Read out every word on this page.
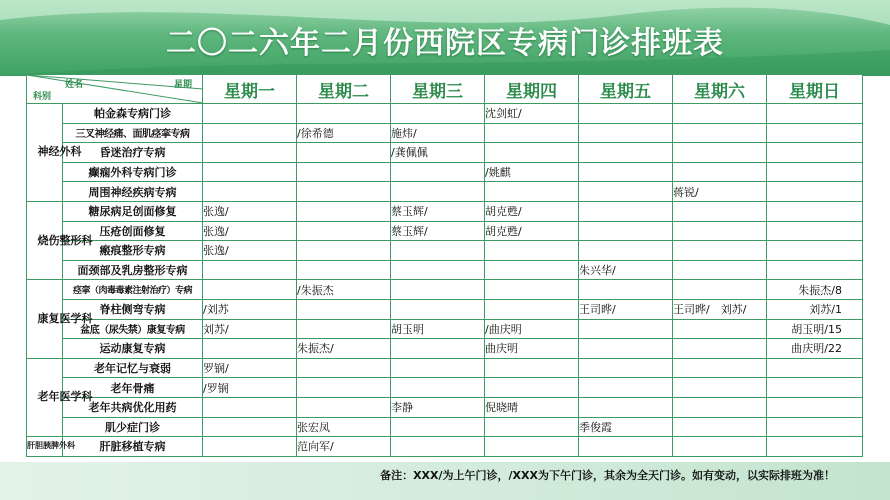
二〇二六年二月份西院区专病门诊排班表
姓名 星期
科别		星期一	星期二	星期三	星期四	星期五	星期六	星期日

神经外科	帕金森专病门诊				沈剑虹/			
	三叉神经痛、面肌痉挛专病		/徐希德	施炜/				
	昏迷治疗专病			/龚佩佩				
	癫痫外科专病门诊				/姚麒			
	周围神经疾病专病						蒋锐/	

烧伤整形科	糖尿病足创面修复	张逸/		蔡玉辉/	胡克甦/			
	压疮创面修复	张逸/		蔡玉辉/	胡克甦/			
	瘢痕整形专病	张逸/						
	面颈部及乳房整形专病					朱兴华/		

康复医学科	痉挛（肉毒毒素注射治疗）专病		/朱振杰					朱振杰/8
	脊柱侧弯专病	/刘苏				王司晔/	王司晔/　刘苏/	刘苏/1
	盆底（尿失禁）康复专病	刘苏/		胡玉明	/曲庆明			胡玉明/15
	运动康复专病		朱振杰/		曲庆明			曲庆明/22

老年医学科	老年记忆与衰弱	罗锎/						
	老年骨痛	/罗锎						
	老年共病优化用药			李静	倪晓晴			
	肌少症门诊		张宏凤			季俊霞		

肝胆胰脾外科	肝脏移植专病		范向军/					
备注：XXX/为上午门诊，/XXX为下午门诊，其余为全天门诊。如有变动，以实际排班为准！
